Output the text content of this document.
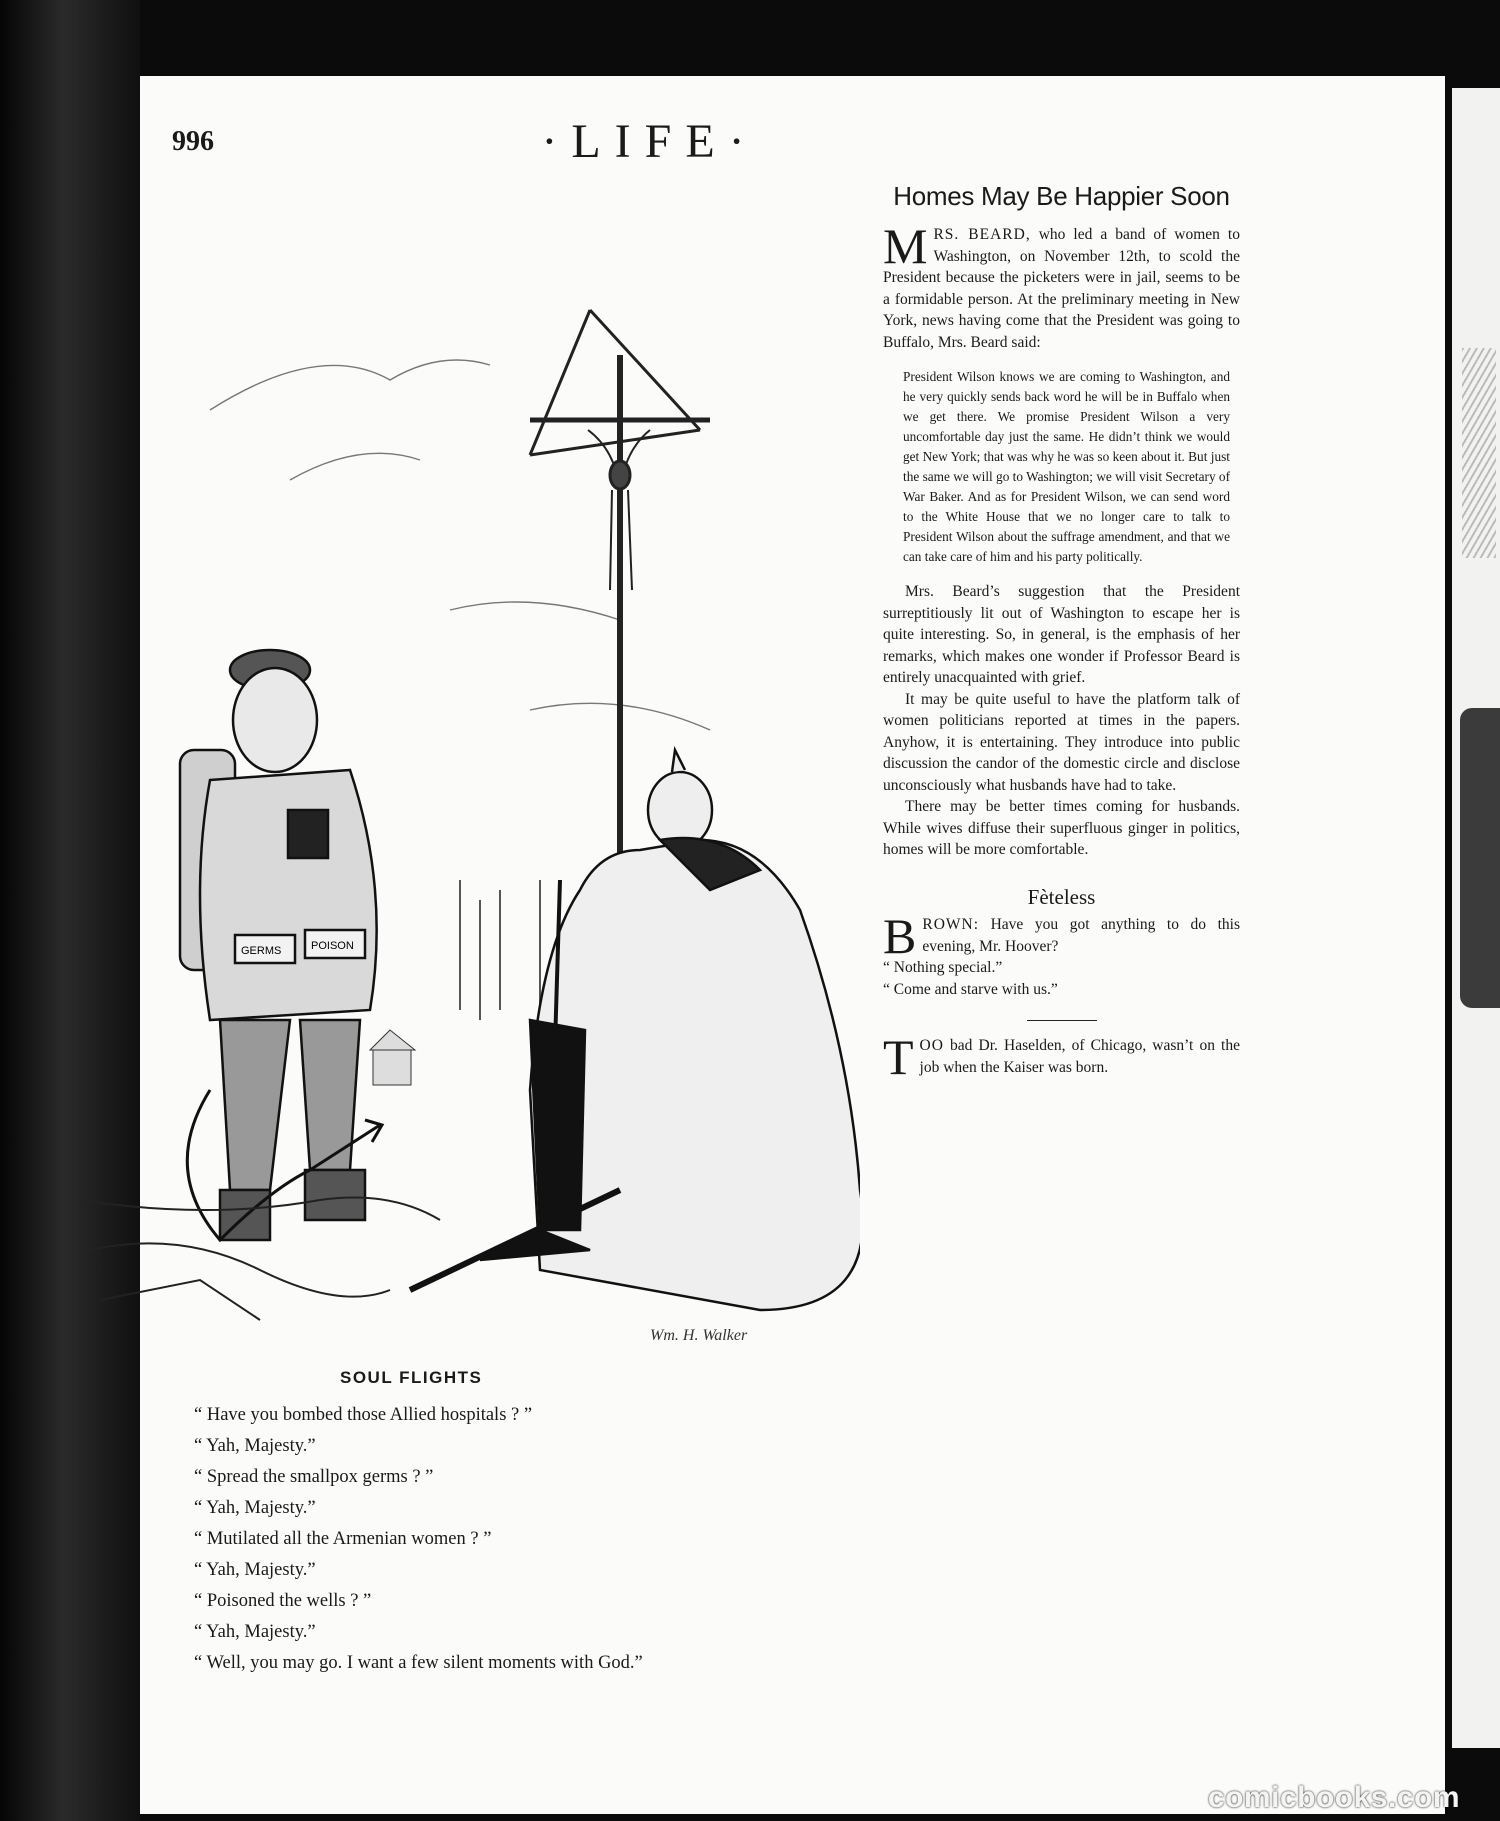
996	·LIFE·
GERMS	POISON
Wm. H. Walker
SOUL FLIGHTS
“ Have you bombed those Allied hospitals ? ”
“ Yah, Majesty.”
“ Spread the smallpox germs ? ”
“ Yah, Majesty.”
“ Mutilated all the Armenian women ? ”
“ Yah, Majesty.”
“ Poisoned the wells ? ”
“ Yah, Majesty.”
“ Well, you may go. I want a few silent moments with God.”
Homes May Be Happier Soon

MRS. BEARD, who led a band of women to Washington, on November 12th, to scold the President because the picketers were in jail, seems to be a formidable person. At the preliminary meeting in New York, news having come that the President was going to Buffalo, Mrs. Beard said:

President Wilson knows we are coming to Washington, and he very quickly sends back word he will be in Buffalo when we get there. We promise President Wilson a very uncomfortable day just the same. He didn’t think we would get New York; that was why he was so keen about it. But just the same we will go to Washington; we will visit Secretary of War Baker. And as for President Wilson, we can send word to the White House that we no longer care to talk to President Wilson about the suffrage amendment, and that we can take care of him and his party politically.

Mrs. Beard’s suggestion that the President surreptitiously lit out of Washington to escape her is quite interesting. So, in general, is the emphasis of her remarks, which makes one wonder if Professor Beard is entirely unacquainted with grief.

It may be quite useful to have the platform talk of women politicians reported at times in the papers. Anyhow, it is entertaining. They introduce into public discussion the candor of the domestic circle and disclose unconsciously what husbands have had to take.

There may be better times coming for husbands. While wives diffuse their superfluous ginger in politics, homes will be more comfortable.

Fèteless

BROWN: Have you got anything to do this evening, Mr. Hoover?

“ Nothing special.”

“ Come and starve with us.”

TOO bad Dr. Haselden, of Chicago, wasn’t on the job when the Kaiser was born.

comicbooks.com
